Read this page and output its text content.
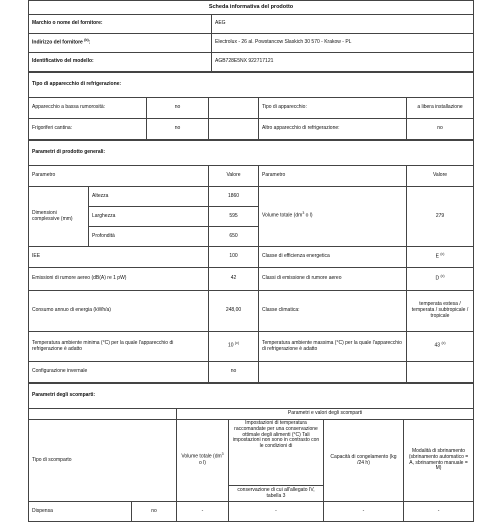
Scheda informativa del prodotto	
Marchio o nome del fornitore:	AEG
Indirizzo del fornitore $^{(b)}$:	Electrolux - 26 al. Powstancow Slaskich 30 570 - Krakow - PL
Identificativo del modello:	AGB728E5NX 922717121
Tipo di apparecchio di refrigerazione:				
Apparecchio a bassa rumorosità:	no		Tipo di apparecchio:	a libera installazione
Frigoriferi cantina:	no		Altro apparecchio di refrigerazione:	no
Parametri di prodotto generali:				
Parametro		Valore	Parametro	Valore
Dimensioni complessive (mm)	Altezza	1860	Volume totale ($dm^3$ o l)	279
	Larghezza	595		
	Profondità	650		
IEE		100	Classe di efficienza energetica	E $^{(c)}$
Emissioni di rumore aereo (dB(A) re 1 pW)		42	Classi di emissione di rumore aereo	D $^{(c)}$
Consumo annuo di energia (kWh/a)		248,00	Classe climatica:	temperata estesa / temperata / subtropicale / tropicale
Temperatura ambiente minima (°C) per la quale l'apparecchio di refrigerazione è adatto		10 $^{(c)}$	Temperatura ambiente massima (°C) per la quale l'apparecchio di refrigerazione è adatto	43 $^{(c)}$
Configurazione invernale		no		
Parametri degli scomparti:					
		Parametri e valori degli scomparti			
Tipo di scomparto		Volume totale ($dm^3$ o l)	Impostazioni di temperatura raccomandate per una conservazione ottimale degli alimenti (°C) Tali impostazioni non sono in contrasto con le condizioni di	Capacità di congelamento (kg /24 h)	Modalità di sbrinamento (sbrinamento automatico = A, sbrinamento manuale = M)
			conservazione di cui all'allegato IV, tabella 3		
Dispensa	no	-	-	-	-
